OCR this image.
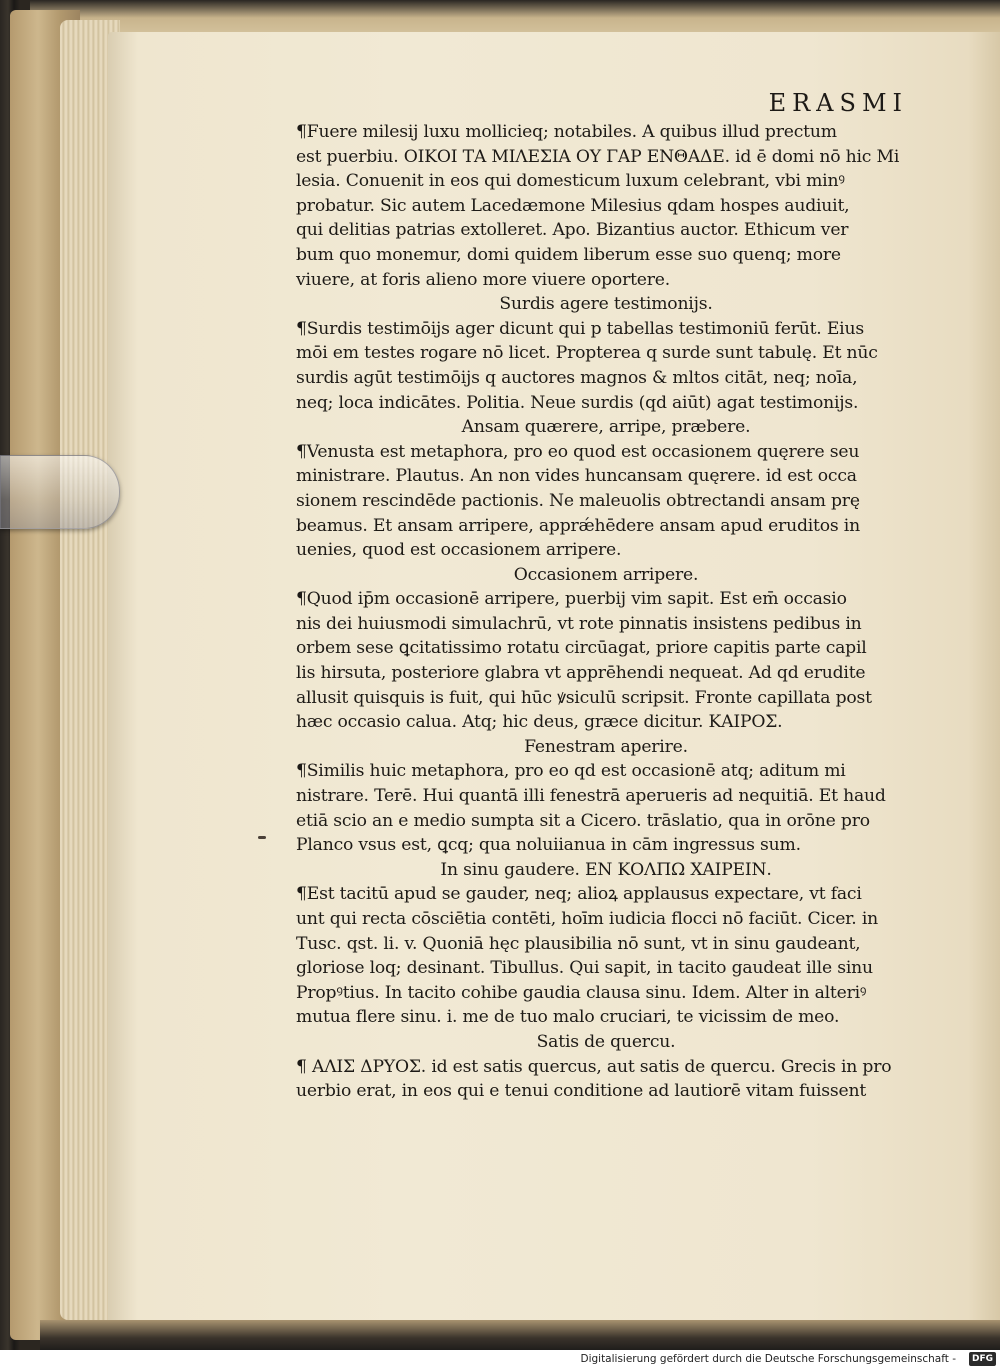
ERASMI
¶Fuere milesij luxu mollicieq; notabiles. A quibus illud prectum
est puerbiu. ΟΙΚΟΙ ΤΑ ΜΙΛΕΣΙΑ ΟΥ ΓΑΡ ΕΝΘΑΔΕ. id ē domi nō hic Mi
lesia. Conuenit in eos qui domesticum luxum celebrant, vbi minꝰ
probatur. Sic autem Lacedæmone Milesius qdam hospes audiuit,
qui delitias patrias extolleret. Apo. Bizantius auctor. Ethicum ver
bum quo monemur, domi quidem liberum esse suo quenq; more
viuere, at foris alieno more viuere oportere.
Surdis agere testimonijs.
¶Surdis testimōijs ager dicunt qui p tabellas testimoniū ferūt. Eius
mōi em testes rogare nō licet. Propterea q surde sunt tabulę. Et nūc
surdis agūt testimōijs q auctores magnos & mltos citāt, neq; noīa,
neq; loca indicātes. Politia. Neue surdis (qd aiūt) agat testimonijs.
Ansam quærere, arripe, præbere.
¶Venusta est metaphora, pro eo quod est occasionem quęrere seu
ministrare. Plautus. An non vides huncansam quęrere. id est occa
sionem rescindēde pactionis. Ne maleuolis obtrectandi ansam prę
beamus. Et ansam arripere, apprǽhēdere ansam apud eruditos in
uenies, quod est occasionem arripere.
Occasionem arripere.
¶Quod ip̄m occasionē arripere, puerbij vim sapit. Est em̄ occasio
nis dei huiusmodi simulachrū, vt rote pinnatis insistens pedibus in
orbem sese ꝗcitatissimo rotatu circūagat, priore capitis parte capil
lis hirsuta, posteriore glabra vt apprēhendi nequeat. Ad qd erudite
allusit quisquis is fuit, qui hūc ꝟsiculū scripsit. Fronte capillata post
hæc occasio calua. Atq; hic deus, græce dicitur. ΚΑΙΡΟΣ.
Fenestram aperire.
¶Similis huic metaphora, pro eo qd est occasionē atq; aditum mi
nistrare. Terē. Hui quantā illi fenestrā aperueris ad nequitiā. Et haud
etiā scio an e medio sumpta sit a Cicero. trāslatio, qua in orōne pro
Planco vsus est, ꝗcq; qua noluiianua in cām ingressus sum.
In sinu gaudere. ΕΝ ΚΟΛΠΩ ΧΑΙΡΕΙΝ.
¶Est tacitū apud se gauder, neq; alioꝝ applausus expectare, vt faci
unt qui recta cōsciētia contēti, hoīm iudicia flocci nō faciūt. Cicer. in
Tusc. qst. li. v. Quoniā hęc plausibilia nō sunt, vt in sinu gaudeant,
gloriose loq; desinant. Tibullus. Qui sapit, in tacito gaudeat ille sinu
Propꝰtius. In tacito cohibe gaudia clausa sinu. Idem. Alter in alteriꝰ
mutua flere sinu. i. me de tuo malo cruciari, te vicissim de meo.
Satis de quercu.
¶ ΑΛΙΣ ΔΡΥΟΣ. id est satis quercus, aut satis de quercu. Grecis in pro
uerbio erat, in eos qui e tenui conditione ad lautiorē vitam fuissent
Digitalisierung gefördert durch die Deutsche Forschungsgemeinschaft -	DFG
